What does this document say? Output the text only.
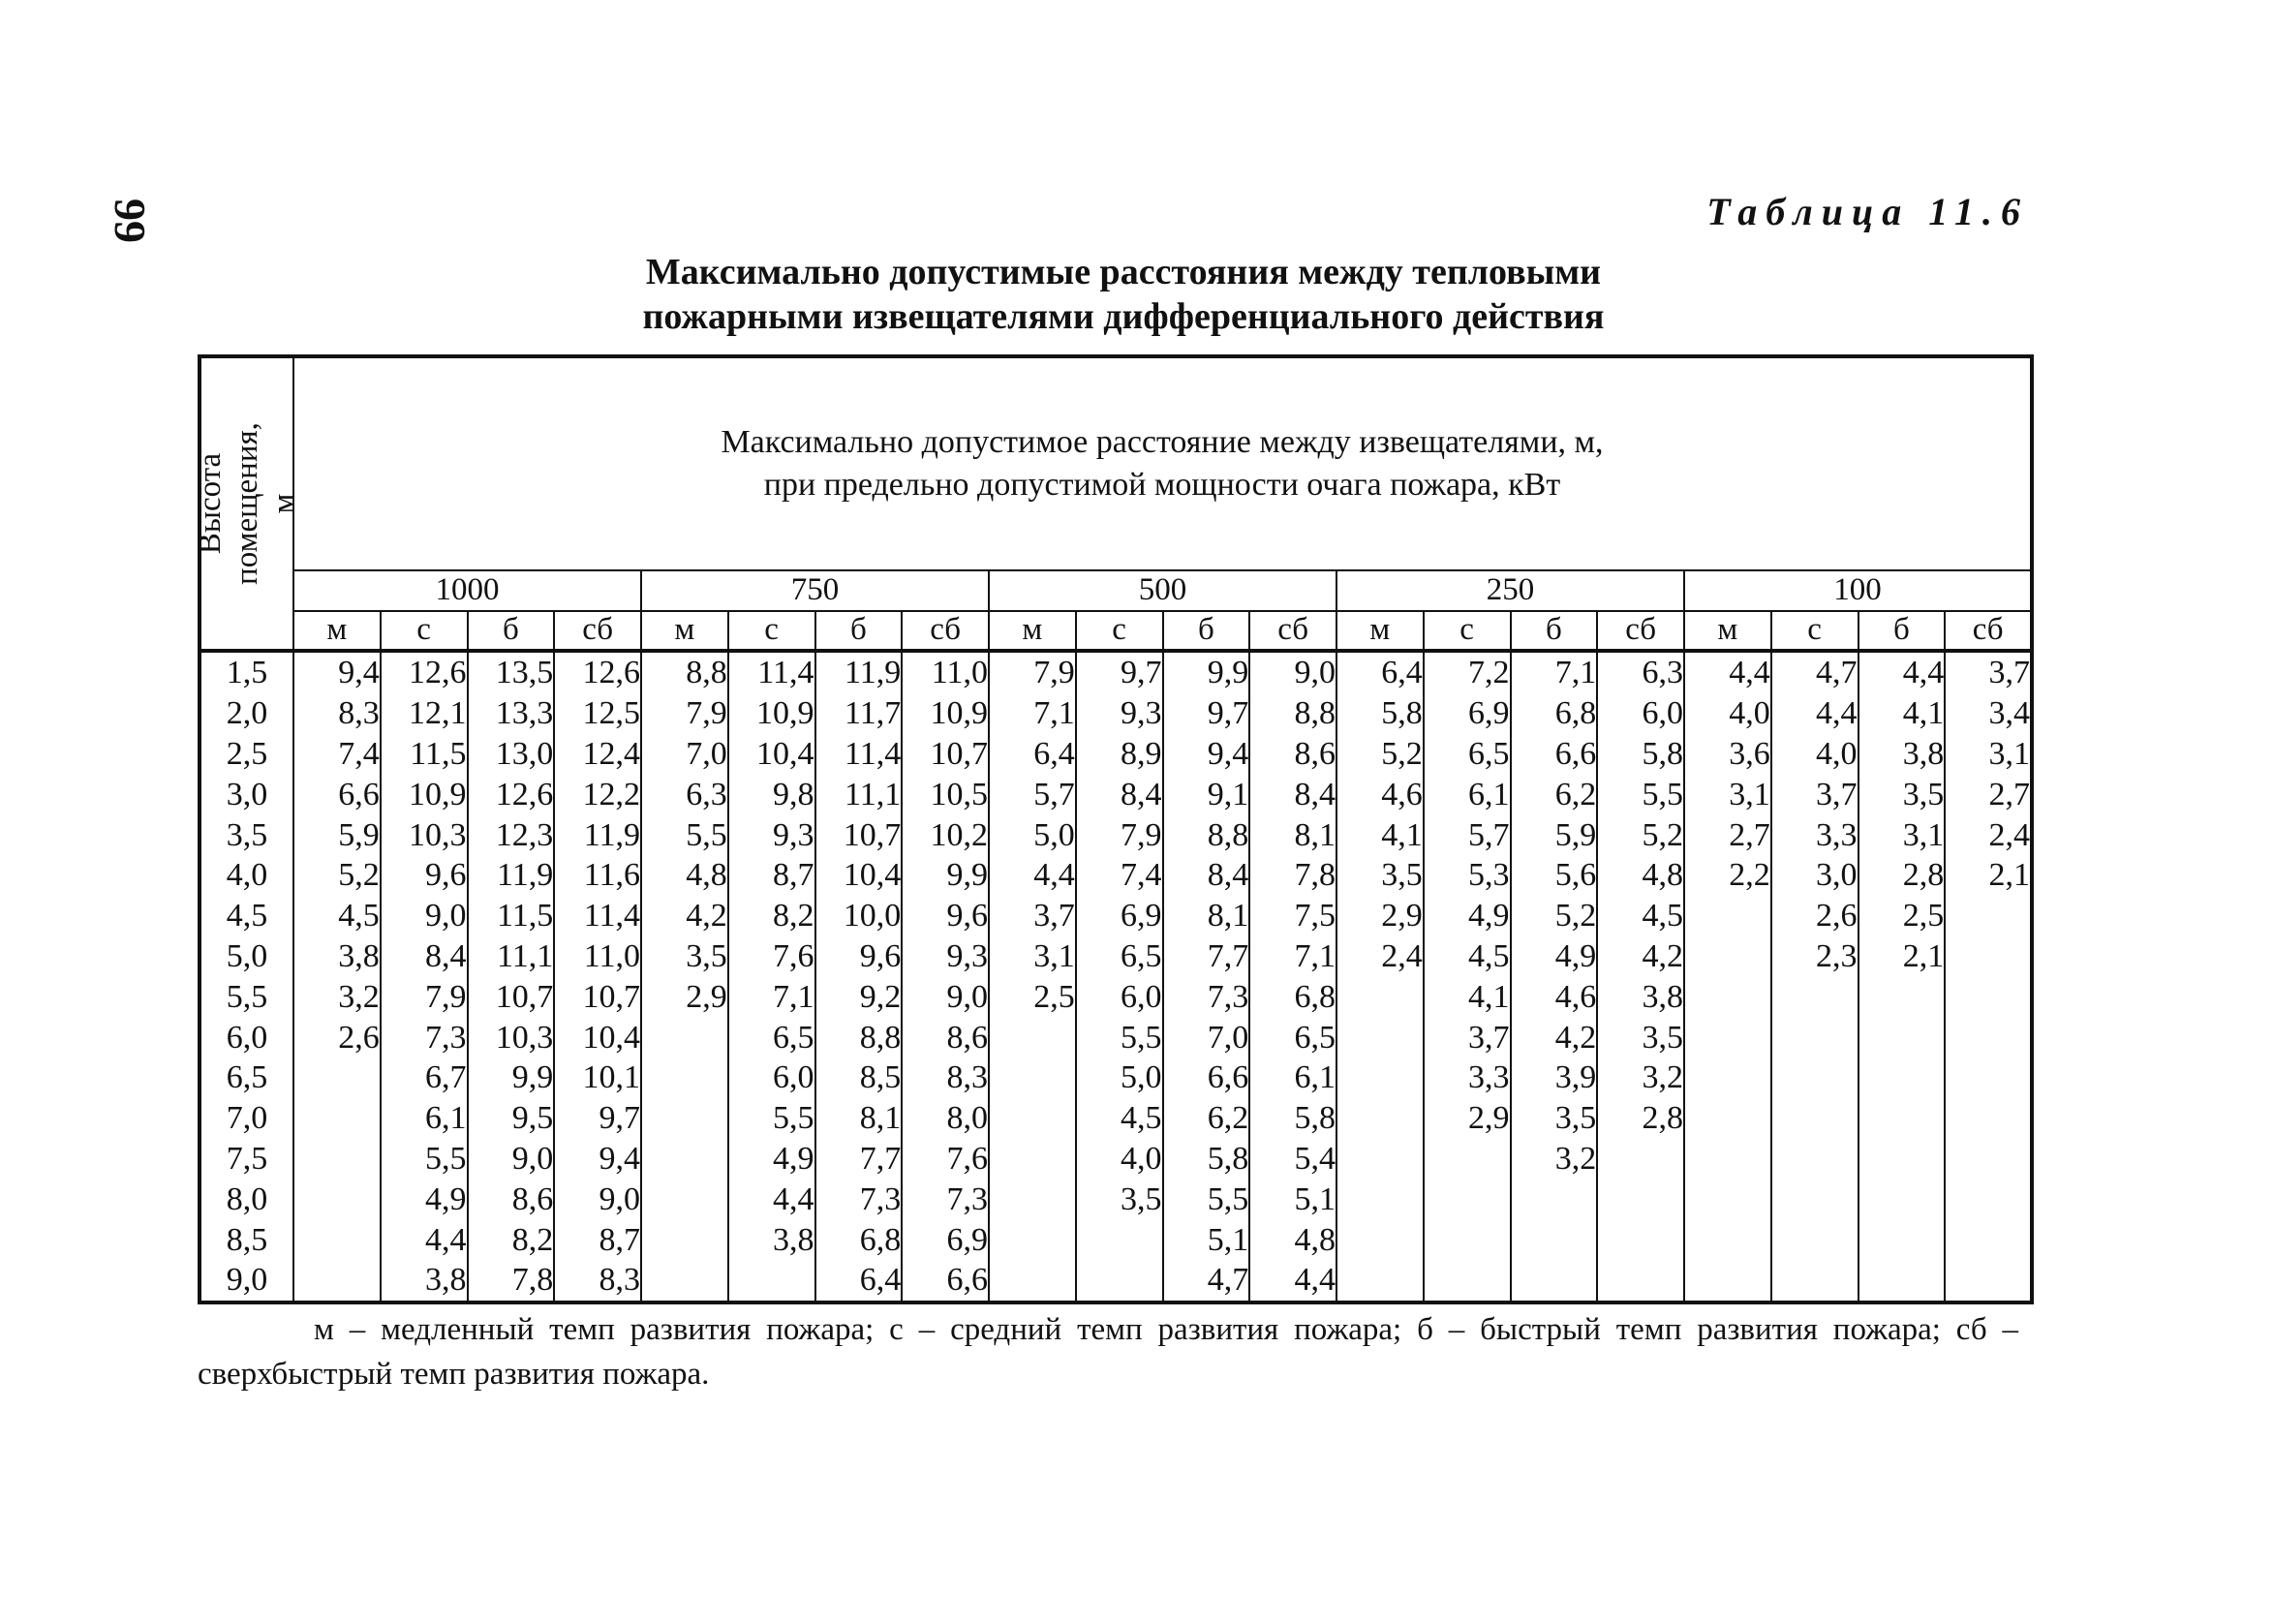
99	Таблица 11.6
Максимально допустимые расстояния между тепловыми
пожарными извещателями дифференциального действия
Высота помещения, м	Максимально допустимое расстояние между извещателями, м,
при предельно допустимой мощности очага пожара, кВт																			

	1000				750				500				250				100			
	м	с	б	сб	м	с	б	сб	м	с	б	сб	м	с	б	сб	м	с	б	сб
1,5	9,4	12,6	13,5	12,6	8,8	11,4	11,9	11,0	7,9	9,7	9,9	9,0	6,4	7,2	7,1	6,3	4,4	4,7	4,4	3,7
2,0	8,3	12,1	13,3	12,5	7,9	10,9	11,7	10,9	7,1	9,3	9,7	8,8	5,8	6,9	6,8	6,0	4,0	4,4	4,1	3,4
2,5	7,4	11,5	13,0	12,4	7,0	10,4	11,4	10,7	6,4	8,9	9,4	8,6	5,2	6,5	6,6	5,8	3,6	4,0	3,8	3,1
3,0	6,6	10,9	12,6	12,2	6,3	9,8	11,1	10,5	5,7	8,4	9,1	8,4	4,6	6,1	6,2	5,5	3,1	3,7	3,5	2,7
3,5	5,9	10,3	12,3	11,9	5,5	9,3	10,7	10,2	5,0	7,9	8,8	8,1	4,1	5,7	5,9	5,2	2,7	3,3	3,1	2,4
4,0	5,2	9,6	11,9	11,6	4,8	8,7	10,4	9,9	4,4	7,4	8,4	7,8	3,5	5,3	5,6	4,8	2,2	3,0	2,8	2,1
4,5	4,5	9,0	11,5	11,4	4,2	8,2	10,0	9,6	3,7	6,9	8,1	7,5	2,9	4,9	5,2	4,5		2,6	2,5	
5,0	3,8	8,4	11,1	11,0	3,5	7,6	9,6	9,3	3,1	6,5	7,7	7,1	2,4	4,5	4,9	4,2		2,3	2,1	
5,5	3,2	7,9	10,7	10,7	2,9	7,1	9,2	9,0	2,5	6,0	7,3	6,8		4,1	4,6	3,8				
6,0	2,6	7,3	10,3	10,4		6,5	8,8	8,6		5,5	7,0	6,5		3,7	4,2	3,5				
6,5		6,7	9,9	10,1		6,0	8,5	8,3		5,0	6,6	6,1		3,3	3,9	3,2				
7,0		6,1	9,5	9,7		5,5	8,1	8,0		4,5	6,2	5,8		2,9	3,5	2,8				
7,5		5,5	9,0	9,4		4,9	7,7	7,6		4,0	5,8	5,4			3,2					
8,0		4,9	8,6	9,0		4,4	7,3	7,3		3,5	5,5	5,1								
8,5		4,4	8,2	8,7		3,8	6,8	6,9			5,1	4,8								
9,0		3,8	7,8	8,3			6,4	6,6			4,7	4,4								
м – медленный темп развития пожара; с – средний темп развития пожара; б – быстрый темп развития пожара; сб – сверхбыстрый темп развития пожара.
